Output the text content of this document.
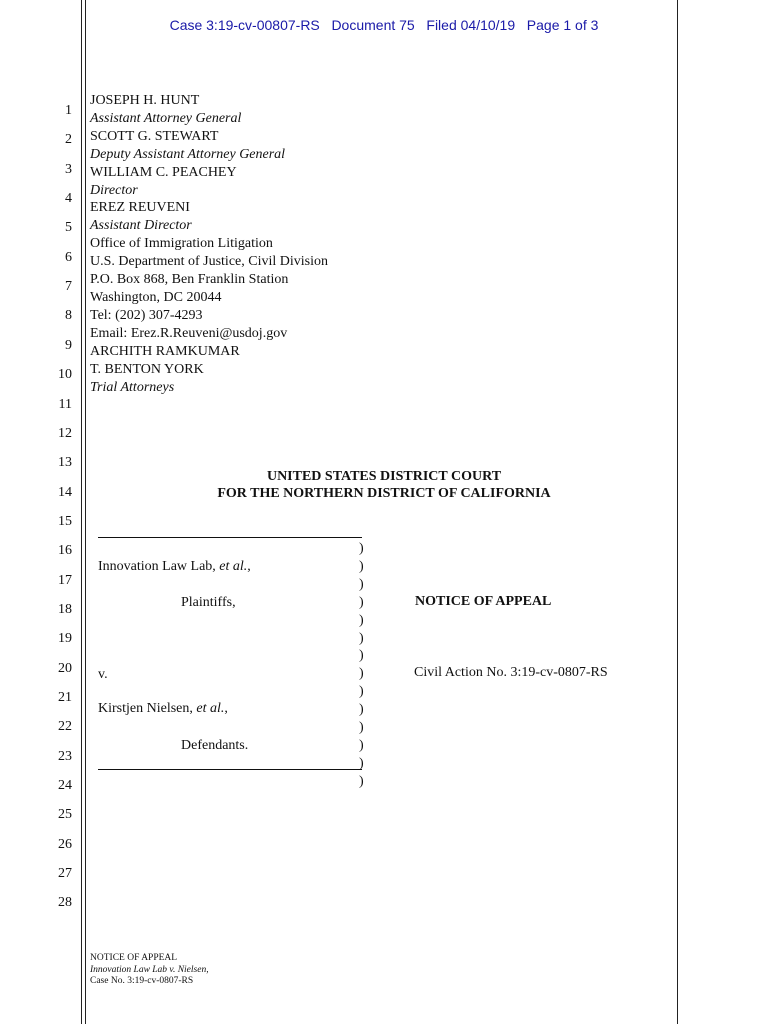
Case 3:19-cv-00807-RS Document 75 Filed 04/10/19 Page 1 of 3
1
2
3
4
5
6
7
8
9
10
11
12
13
14
15
16
17
18
19
20
21
22
23
24
25
26
27
28
JOSEPH H. HUNT
Assistant Attorney General
SCOTT G. STEWART
Deputy Assistant Attorney General
WILLIAM C. PEACHEY
Director
EREZ REUVENI
Assistant Director
Office of Immigration Litigation
U.S. Department of Justice, Civil Division
P.O. Box 868, Ben Franklin Station
Washington, DC 20044
Tel: (202) 307-4293
Email: Erez.R.Reuveni@usdoj.gov
ARCHITH RAMKUMAR
T. BENTON YORK
Trial Attorneys
UNITED STATES DISTRICT COURT
FOR THE NORTHERN DISTRICT OF CALIFORNIA
)
)
)
)
)
)
)
)
)
)
)
)
)
)
Innovation Law Lab, et al.,
Plaintiffs,
v.
Kirstjen Nielsen, et al.,
Defendants.
NOTICE OF APPEAL
Civil Action No. 3:19-cv-0807-RS
NOTICE OF APPEAL
Innovation Law Lab v. Nielsen,
Case No. 3:19-cv-0807-RS
